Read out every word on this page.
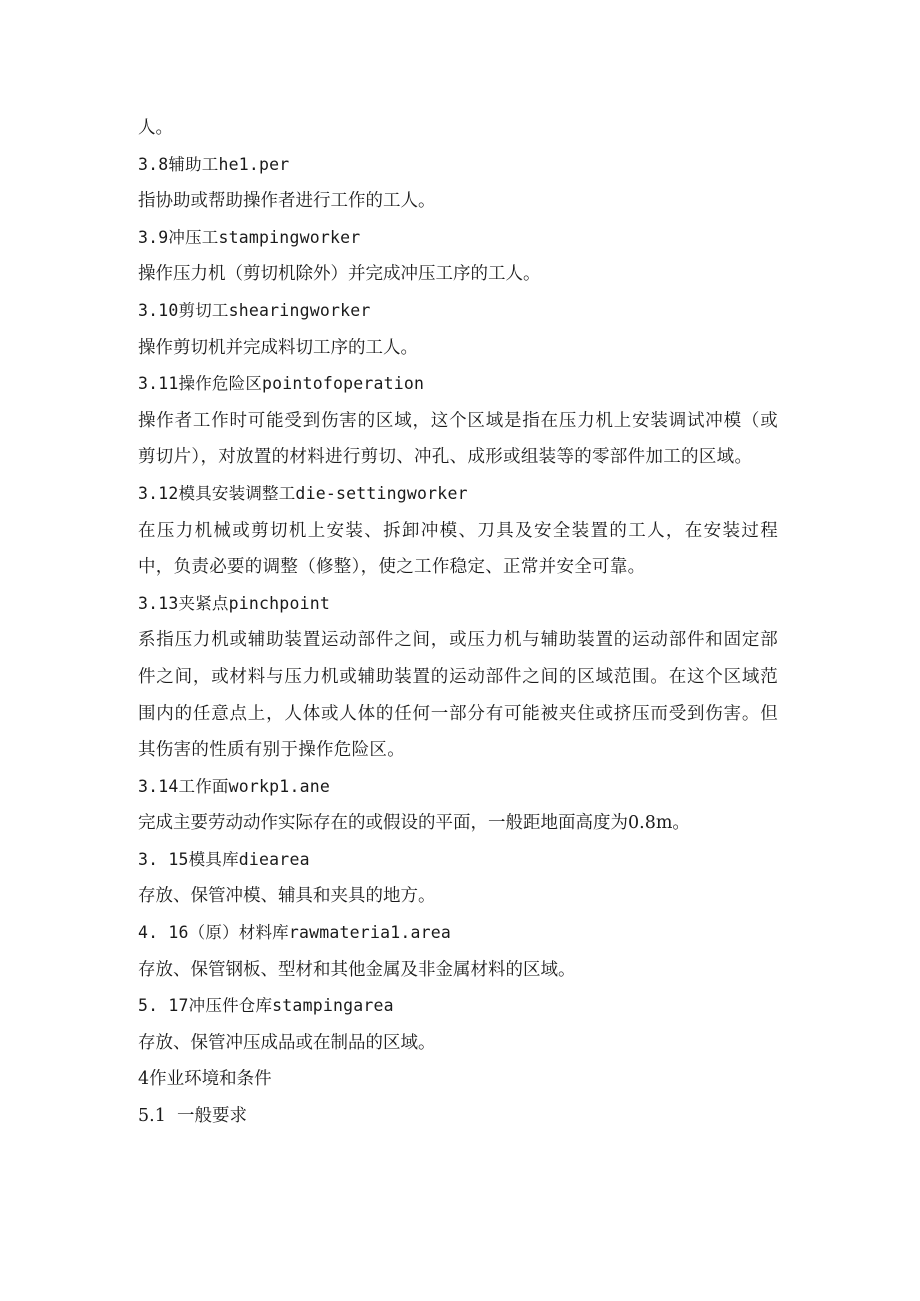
人。
3.8辅助工he1.per
指协助或帮助操作者进行工作的工人。
3.9冲压工stampingworker
操作压力机（剪切机除外）并完成冲压工序的工人。
3.10剪切工shearingworker
操作剪切机并完成料切工序的工人。
3.11操作危险区pointofoperation
操作者工作时可能受到伤害的区域，这个区域是指在压力机上安装调试冲模（或剪切片），对放置的材料进行剪切、冲孔、成形或组装等的零部件加工的区域。
3.12模具安装调整工die-settingworker
在压力机械或剪切机上安装、拆卸冲模、刀具及安全装置的工人，在安装过程中，负责必要的调整（修整），使之工作稳定、正常并安全可靠。
3.13夹紧点pinchpoint
系指压力机或辅助装置运动部件之间，或压力机与辅助装置的运动部件和固定部件之间，或材料与压力机或辅助装置的运动部件之间的区域范围。在这个区域范围内的任意点上，人体或人体的任何一部分有可能被夹住或挤压而受到伤害。但其伤害的性质有别于操作危险区。
3.14工作面workp1.ane
完成主要劳动动作实际存在的或假设的平面，一般距地面高度为0.8m。
3. 15模具库diearea
存放、保管冲模、辅具和夹具的地方。
4. 16（原）材料库rawmateria1.area
存放、保管钢板、型材和其他金属及非金属材料的区域。
5. 17冲压件仓库stampingarea
存放、保管冲压成品或在制品的区域。
4作业环境和条件
5.1  一般要求
